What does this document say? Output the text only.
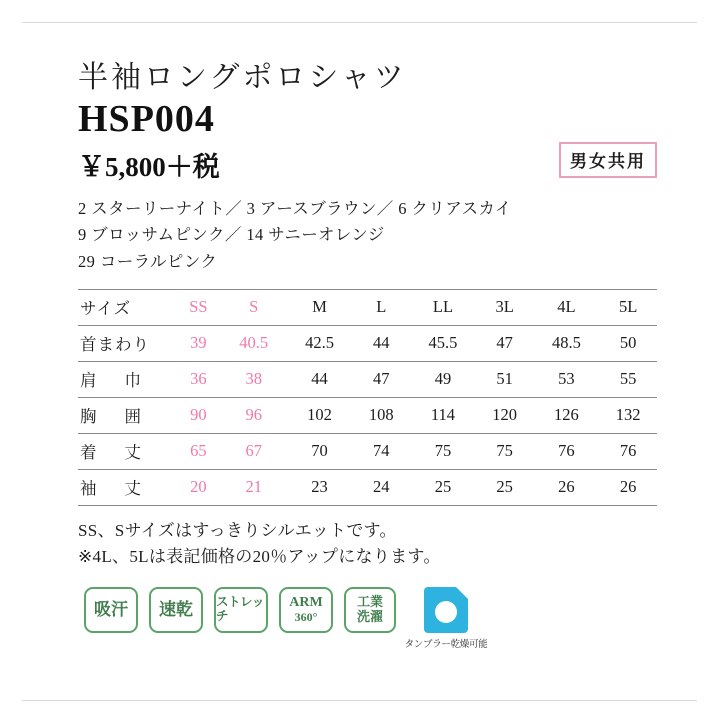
半袖ロングポロシャツ
HSP004
￥5,800＋税	男女共用
2 スターリーナイト／ 3 アースブラウン／ 6 クリアスカイ
9 ブロッサムピンク／ 14 サニーオレンジ
29 コーラルピンク
サイズ	SS	S	M	L	LL	3L	4L	5L
首まわり	39	40.5	42.5	44	45.5	47	48.5	50

肩 巾	36	38	44	47	49	51	53	55

胸 囲	90	96	102	108	114	120	126	132

着 丈	65	67	70	74	75	75	76	76

袖 丈	20	21	23	24	25	25	26	26
SS、Sサイズはすっきりシルエットです。
※4L、5Lは表記価格の20％アップになります。
吸汗 速乾 ストレッチ
ARM
360°
工業
洗濯
タンブラー乾燥可能
